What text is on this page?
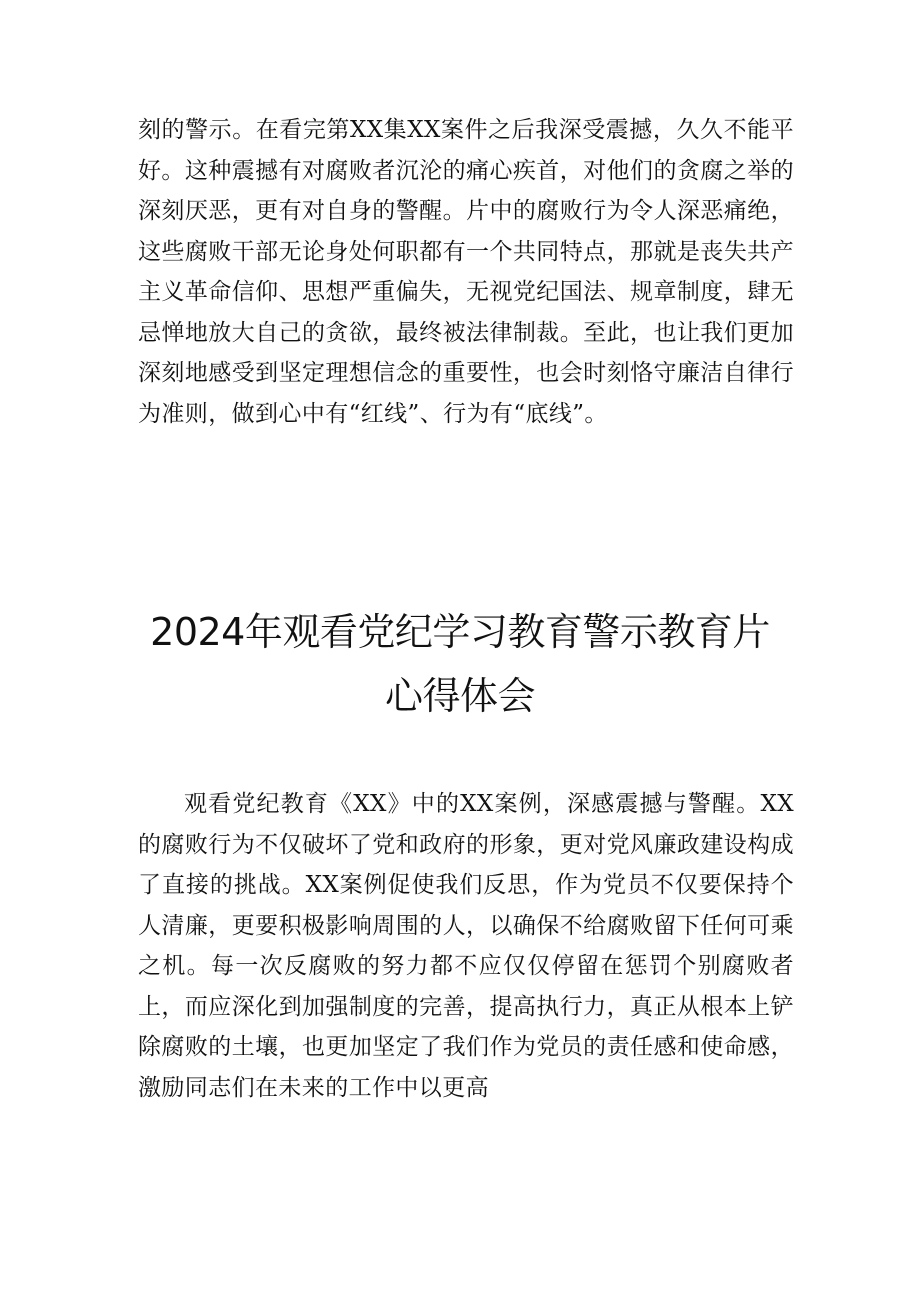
刻的警示。在看完第XX集XX案件之后我深受震撼，久久不能平好。这种震撼有对腐败者沉沦的痛心疾首，对他们的贪腐之举的深刻厌恶，更有对自身的警醒。片中的腐败行为令人深恶痛绝，这些腐败干部无论身处何职都有一个共同特点，那就是丧失共产主义革命信仰、思想严重偏失，无视党纪国法、规章制度，肆无忌惮地放大自己的贪欲，最终被法律制裁。至此，也让我们更加深刻地感受到坚定理想信念的重要性，也会时刻恪守廉洁自律行为准则，做到心中有“红线”、行为有“底线”。

2024年观看党纪学习教育警示教育片
心得体会

观看党纪教育《XX》中的XX案例，深感震撼与警醒。XX的腐败行为不仅破坏了党和政府的形象，更对党风廉政建设构成了直接的挑战。XX案例促使我们反思，作为党员不仅要保持个人清廉，更要积极影响周围的人，以确保不给腐败留下任何可乘之机。每一次反腐败的努力都不应仅仅停留在惩罚个别腐败者上，而应深化到加强制度的完善，提高执行力，真正从根本上铲除腐败的土壤，也更加坚定了我们作为党员的责任感和使命感，激励同志们在未来的工作中以更高
